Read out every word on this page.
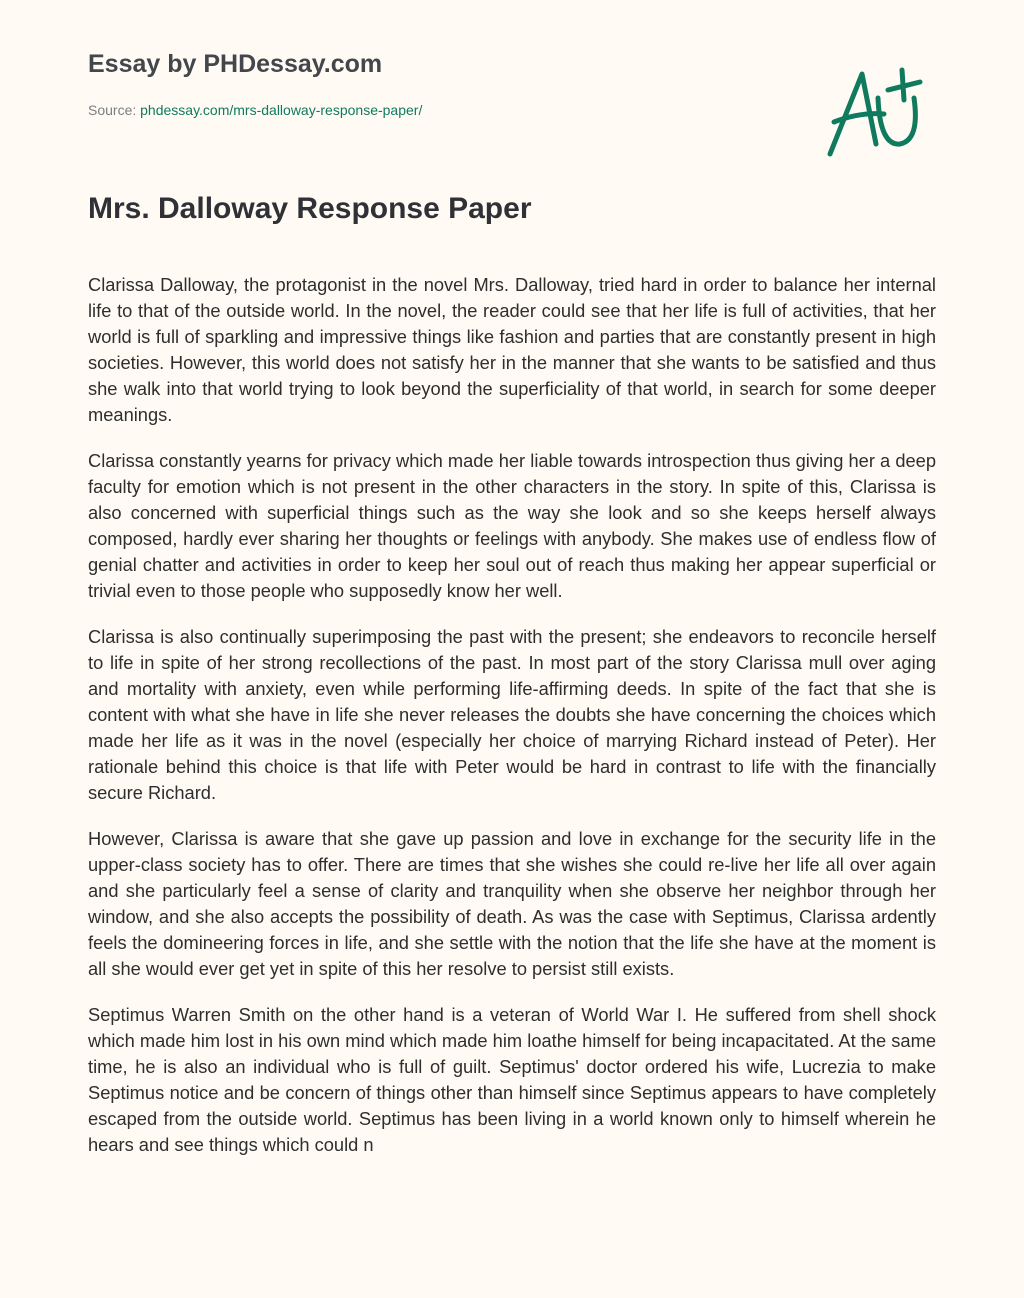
Essay by PHDessay.com
Source: phdessay.com/mrs-dalloway-response-paper/
Mrs. Dalloway Response Paper

Clarissa Dalloway, the protagonist in the novel Mrs. Dalloway, tried hard in order to balance her internal life to that of the outside world. In the novel, the reader could see that her life is full of activities, that her world is full of sparkling and impressive things like fashion and parties that are constantly present in high societies. However, this world does not satisfy her in the manner that she wants to be satisfied and thus she walk into that world trying to look beyond the superficiality of that world, in search for some deeper meanings.

Clarissa constantly yearns for privacy which made her liable towards introspection thus giving her a deep faculty for emotion which is not present in the other characters in the story. In spite of this, Clarissa is also concerned with superficial things such as the way she look and so she keeps herself always composed, hardly ever sharing her thoughts or feelings with anybody. She makes use of endless flow of genial chatter and activities in order to keep her soul out of reach thus making her appear superficial or trivial even to those people who supposedly know her well.

Clarissa is also continually superimposing the past with the present; she endeavors to reconcile herself to life in spite of her strong recollections of the past. In most part of the story Clarissa mull over aging and mortality with anxiety, even while performing life-affirming deeds. In spite of the fact that she is content with what she have in life she never releases the doubts she have concerning the choices which made her life as it was in the novel (especially her choice of marrying Richard instead of Peter). Her rationale behind this choice is that life with Peter would be hard in contrast to life with the financially secure Richard.

However, Clarissa is aware that she gave up passion and love in exchange for the security life in the upper-class society has to offer. There are times that she wishes she could re-live her life all over again and she particularly feel a sense of clarity and tranquility when she observe her neighbor through her window, and she also accepts the possibility of death. As was the case with Septimus, Clarissa ardently feels the domineering forces in life, and she settle with the notion that the life she have at the moment is all she would ever get yet in spite of this her resolve to persist still exists.

Septimus Warren Smith on the other hand is a veteran of World War I. He suffered from shell shock which made him lost in his own mind which made him loathe himself for being incapacitated. At the same time, he is also an individual who is full of guilt. Septimus' doctor ordered his wife, Lucrezia to make Septimus notice and be concern of things other than himself since Septimus appears to have completely escaped from the outside world. Septimus has been living in a world known only to himself wherein he hears and see things which could n
